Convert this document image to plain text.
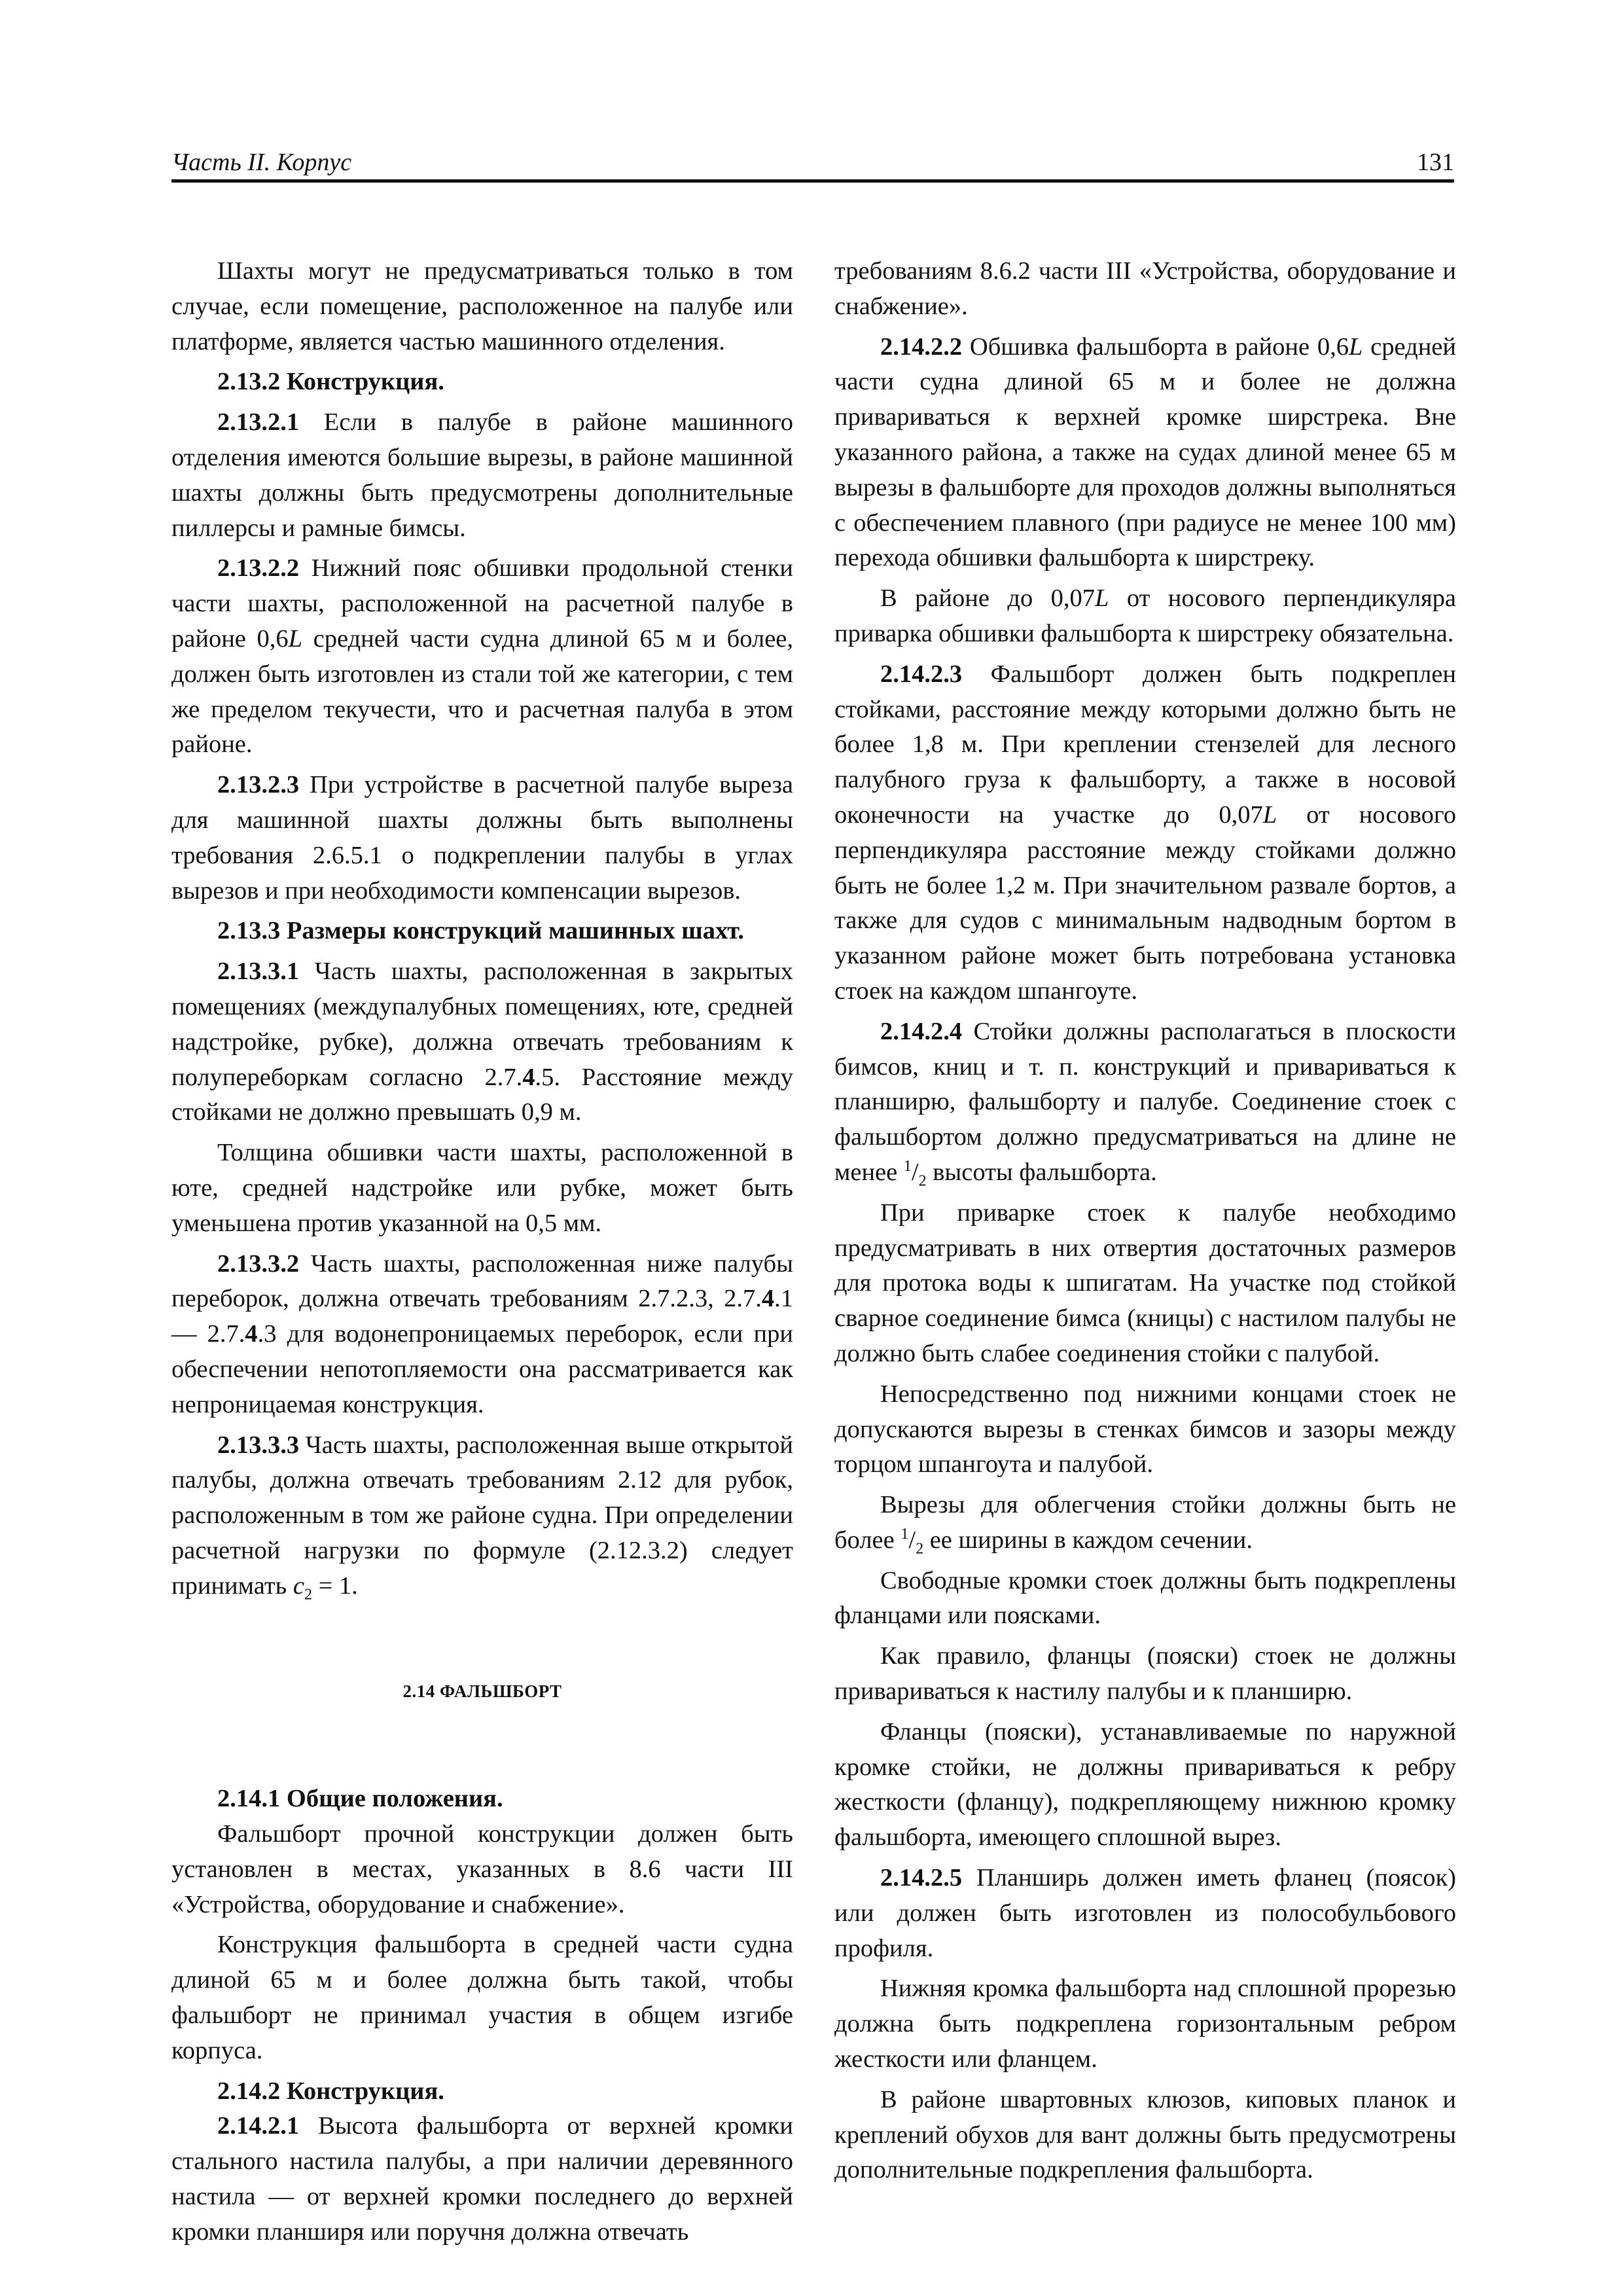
Часть II. Корпус	131

Шахты могут не предусматриваться только в том случае, если помещение, расположенное на палубе или платформе, является частью машинного отделения.

2.13.2 Конструкция.

2.13.2.1 Если в палубе в районе машинного отделения имеются большие вырезы, в районе машинной шахты должны быть предусмотрены дополнительные пиллерсы и рамные бимсы.

2.13.2.2 Нижний пояс обшивки продольной стенки части шахты, расположенной на расчетной палубе в районе 0,6L средней части судна длиной 65 м и более, должен быть изготовлен из стали той же категории, с тем же пределом текучести, что и расчетная палуба в этом районе.

2.13.2.3 При устройстве в расчетной палубе выреза для машинной шахты должны быть выполнены требования 2.6.5.1 о подкреплении палубы в углах вырезов и при необходимости компенсации вырезов.

2.13.3 Размеры конструкций машинных шахт.

2.13.3.1 Часть шахты, расположенная в закрытых помещениях (междупалубных помещениях, юте, средней надстройке, рубке), должна отвечать требованиям к полупереборкам согласно 2.7.4.5. Расстояние между стойками не должно превышать 0,9 м.

Толщина обшивки части шахты, расположенной в юте, средней надстройке или рубке, может быть уменьшена против указанной на 0,5 мм.

2.13.3.2 Часть шахты, расположенная ниже палубы переборок, должна отвечать требованиям 2.7.2.3, 2.7.4.1 — 2.7.4.3 для водонепроницаемых переборок, если при обеспечении непотопляемости она рассматривается как непроницаемая конструкция.

2.13.3.3 Часть шахты, расположенная выше открытой палубы, должна отвечать требованиям 2.12 для рубок, расположенным в том же районе судна. При определении расчетной нагрузки по формуле (2.12.3.2) следует принимать $c_2 = 1$.

2.14 ФАЛЬШБОРТ

2.14.1 Общие положения.

Фальшборт прочной конструкции должен быть установлен в местах, указанных в 8.6 части III «Устройства, оборудование и снабжение».

Конструкция фальшборта в средней части судна длиной 65 м и более должна быть такой, чтобы фальшборт не принимал участия в общем изгибе корпуса.

2.14.2 Конструкция.

2.14.2.1 Высота фальшборта от верхней кромки стального настила палубы, а при наличии деревянного настила — от верхней кромки последнего до верхней кромки планширя или поручня должна отвечать

требованиям 8.6.2 части III «Устройства, оборудование и снабжение».

2.14.2.2 Обшивка фальшборта в районе 0,6L средней части судна длиной 65 м и более не должна привариваться к верхней кромке ширстрека. Вне указанного района, а также на судах длиной менее 65 м вырезы в фальшборте для проходов должны выполняться с обеспечением плавного (при радиусе не менее 100 мм) перехода обшивки фальшборта к ширстреку.

В районе до 0,07L от носового перпендикуляра приварка обшивки фальшборта к ширстреку обязательна.

2.14.2.3 Фальшборт должен быть подкреплен стойками, расстояние между которыми должно быть не более 1,8 м. При креплении стензелей для лесного палубного груза к фальшборту, а также в носовой оконечности на участке до 0,07L от носового перпендикуляра расстояние между стойками должно быть не более 1,2 м. При значительном развале бортов, а также для судов с минимальным надводным бортом в указанном районе может быть потребована установка стоек на каждом шпангоуте.

2.14.2.4 Стойки должны располагаться в плоскости бимсов, книц и т. п. конструкций и привариваться к планширю, фальшборту и палубе. Соединение стоек с фальшбортом должно предусматриваться на длине не менее $^1/_2$ высоты фальшборта.

При приварке стоек к палубе необходимо предусматривать в них отвертия достаточных размеров для протока воды к шпигатам. На участке под стойкой сварное соединение бимса (кницы) с настилом палубы не должно быть слабее соединения стойки с палубой.

Непосредственно под нижними концами стоек не допускаются вырезы в стенках бимсов и зазоры между торцом шпангоута и палубой.

Вырезы для облегчения стойки должны быть не более $^1/_2$ ее ширины в каждом сечении.

Свободные кромки стоек должны быть подкреплены фланцами или поясками.

Как правило, фланцы (пояски) стоек не должны привариваться к настилу палубы и к планширю.

Фланцы (пояски), устанавливаемые по наружной кромке стойки, не должны привариваться к ребру жесткости (фланцу), подкрепляющему нижнюю кромку фальшборта, имеющего сплошной вырез.

2.14.2.5 Планширь должен иметь фланец (поясок) или должен быть изготовлен из полособульбового профиля.

Нижняя кромка фальшборта над сплошной прорезью должна быть подкреплена горизонтальным ребром жесткости или фланцем.

В районе швартовных клюзов, киповых планок и креплений обухов для вант должны быть предусмотрены дополнительные подкрепления фальшборта.
